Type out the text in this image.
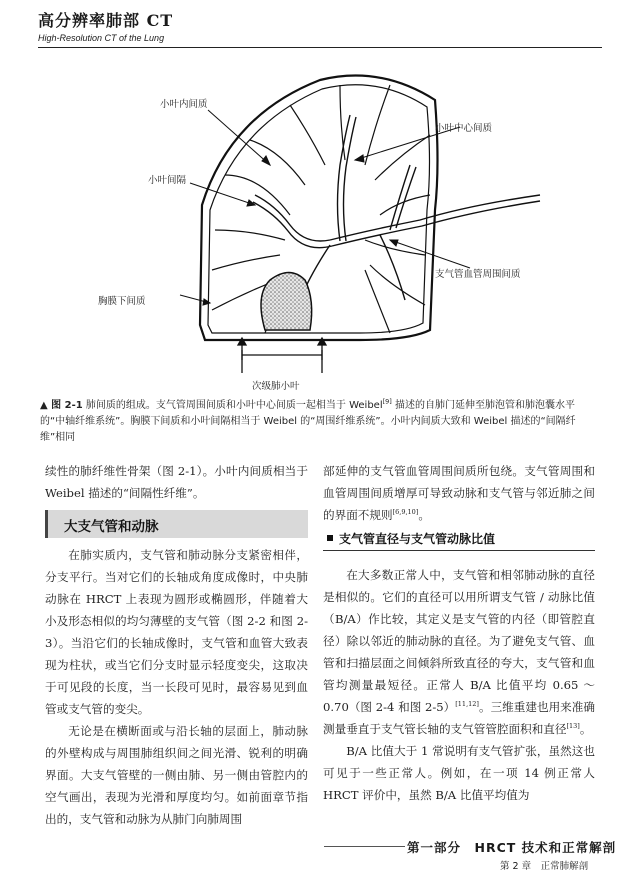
高分辨率肺部 CT
High-Resolution CT of the Lung
小叶内间质
小叶中心间质
小叶间隔
支气管血管周围间质
胸膜下间质
次级肺小叶
▲ 图 2-1 肺间质的组成。支气管周围间质和小叶中心间质一起相当于 Weibel[9] 描述的自肺门延伸至肺泡管和肺泡囊水平的“中轴纤维系统”。胸膜下间质和小叶间隔相当于 Weibel 的“周围纤维系统”。小叶内间质大致和 Weibel 描述的“间隔纤维”相同

续性的肺纤维性骨架（图 2-1）。小叶内间质相当于 Weibel 描述的“间隔性纤维”。

在肺实质内，支气管和肺动脉分支紧密相伴，分支平行。当对它们的长轴成角度成像时，中央肺动脉在 HRCT 上表现为圆形或椭圆形，伴随着大小及形态相似的均匀薄壁的支气管（图 2-2 和图 2-3）。当沿它们的长轴成像时，支气管和血管大致表现为柱状，或当它们分支时显示轻度变尖，这取决于可见段的长度，当一长段可见时，最容易见到血管或支气管的变尖。

无论是在横断面或与沿长轴的层面上，肺动脉的外壁构成与周围肺组织间之间光滑、锐利的明确界面。大支气管壁的一侧由肺、另一侧由管腔内的空气画出，表现为光滑和厚度均匀。如前面章节指出的，支气管和动脉为从肺门向肺周围

大支气管和动脉

部延伸的支气管血管周围间质所包绕。支气管周围和血管周围间质增厚可导致动脉和支气管与邻近肺之间的界面不规则[6,9,10]。

在大多数正常人中，支气管和相邻肺动脉的直径是相似的。它们的直径可以用所谓支气管 / 动脉比值（B/A）作比较，其定义是支气管的内径（即管腔直径）除以邻近的肺动脉的直径。为了避免支气管、血管和扫描层面之间倾斜所致直径的夸大，支气管和血管均测量最短径。正常人 B/A 比值平均 0.65 ～ 0.70（图 2-4 和图 2-5）[11,12]。三维重建也用来准确测量垂直于支气管长轴的支气管管腔面积和直径[13]。

B/A 比值大于 1 常说明有支气管扩张，虽然这也可见于一些正常人。例如，在一项 14 例正常人 HRCT 评价中，虽然 B/A 比值平均值为

支气管直径与支气管动脉比值
第一部分　HRCT 技术和正常解剖
第 2 章　正常肺解剖
